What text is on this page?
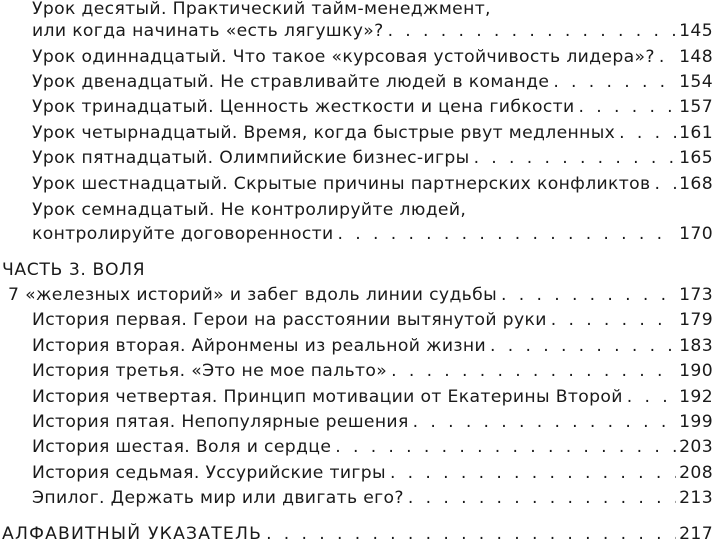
Урок десятый. Практический тайм-менеджмент,
или когда начинать «есть лягушку»? . . .	145
Урок одиннадцатый. Что такое «курсовая устойчивость лидера»? . . . 148
Урок двенадцатый. Не стравливайте людей в команде . . .	154
Урок тринадцатый. Ценность жесткости и цена гибкости . . .	157
Урок четырнадцатый. Время, когда быстрые рвут медленных . . .	161
Урок пятнадцатый. Олимпийские бизнес-игры . . .	165
Урок шестнадцатый. Скрытые причины партнерских конфликтов . . . 168
Урок семнадцатый. Не контролируйте людей,
контролируйте договоренности . . .	170
ЧАСТЬ 3. ВОЛЯ
7 «железных историй» и забег вдоль линии судьбы . . .	173
История первая. Герои на расстоянии вытянутой руки . . .	179
История вторая. Айронмены из реальной жизни . . .	183
История третья. «Это не мое пальто» . . .	190
История четвертая. Принцип мотивации от Екатерины Второй . . .	192
История пятая. Непопулярные решения . . .	199
История шестая. Воля и сердце . . .	203
История седьмая. Уссурийские тигры . . .	208
Эпилог. Держать мир или двигать его? . . .	213
АЛФАВИТНЫЙ УКАЗАТЕЛЬ . . .	217
